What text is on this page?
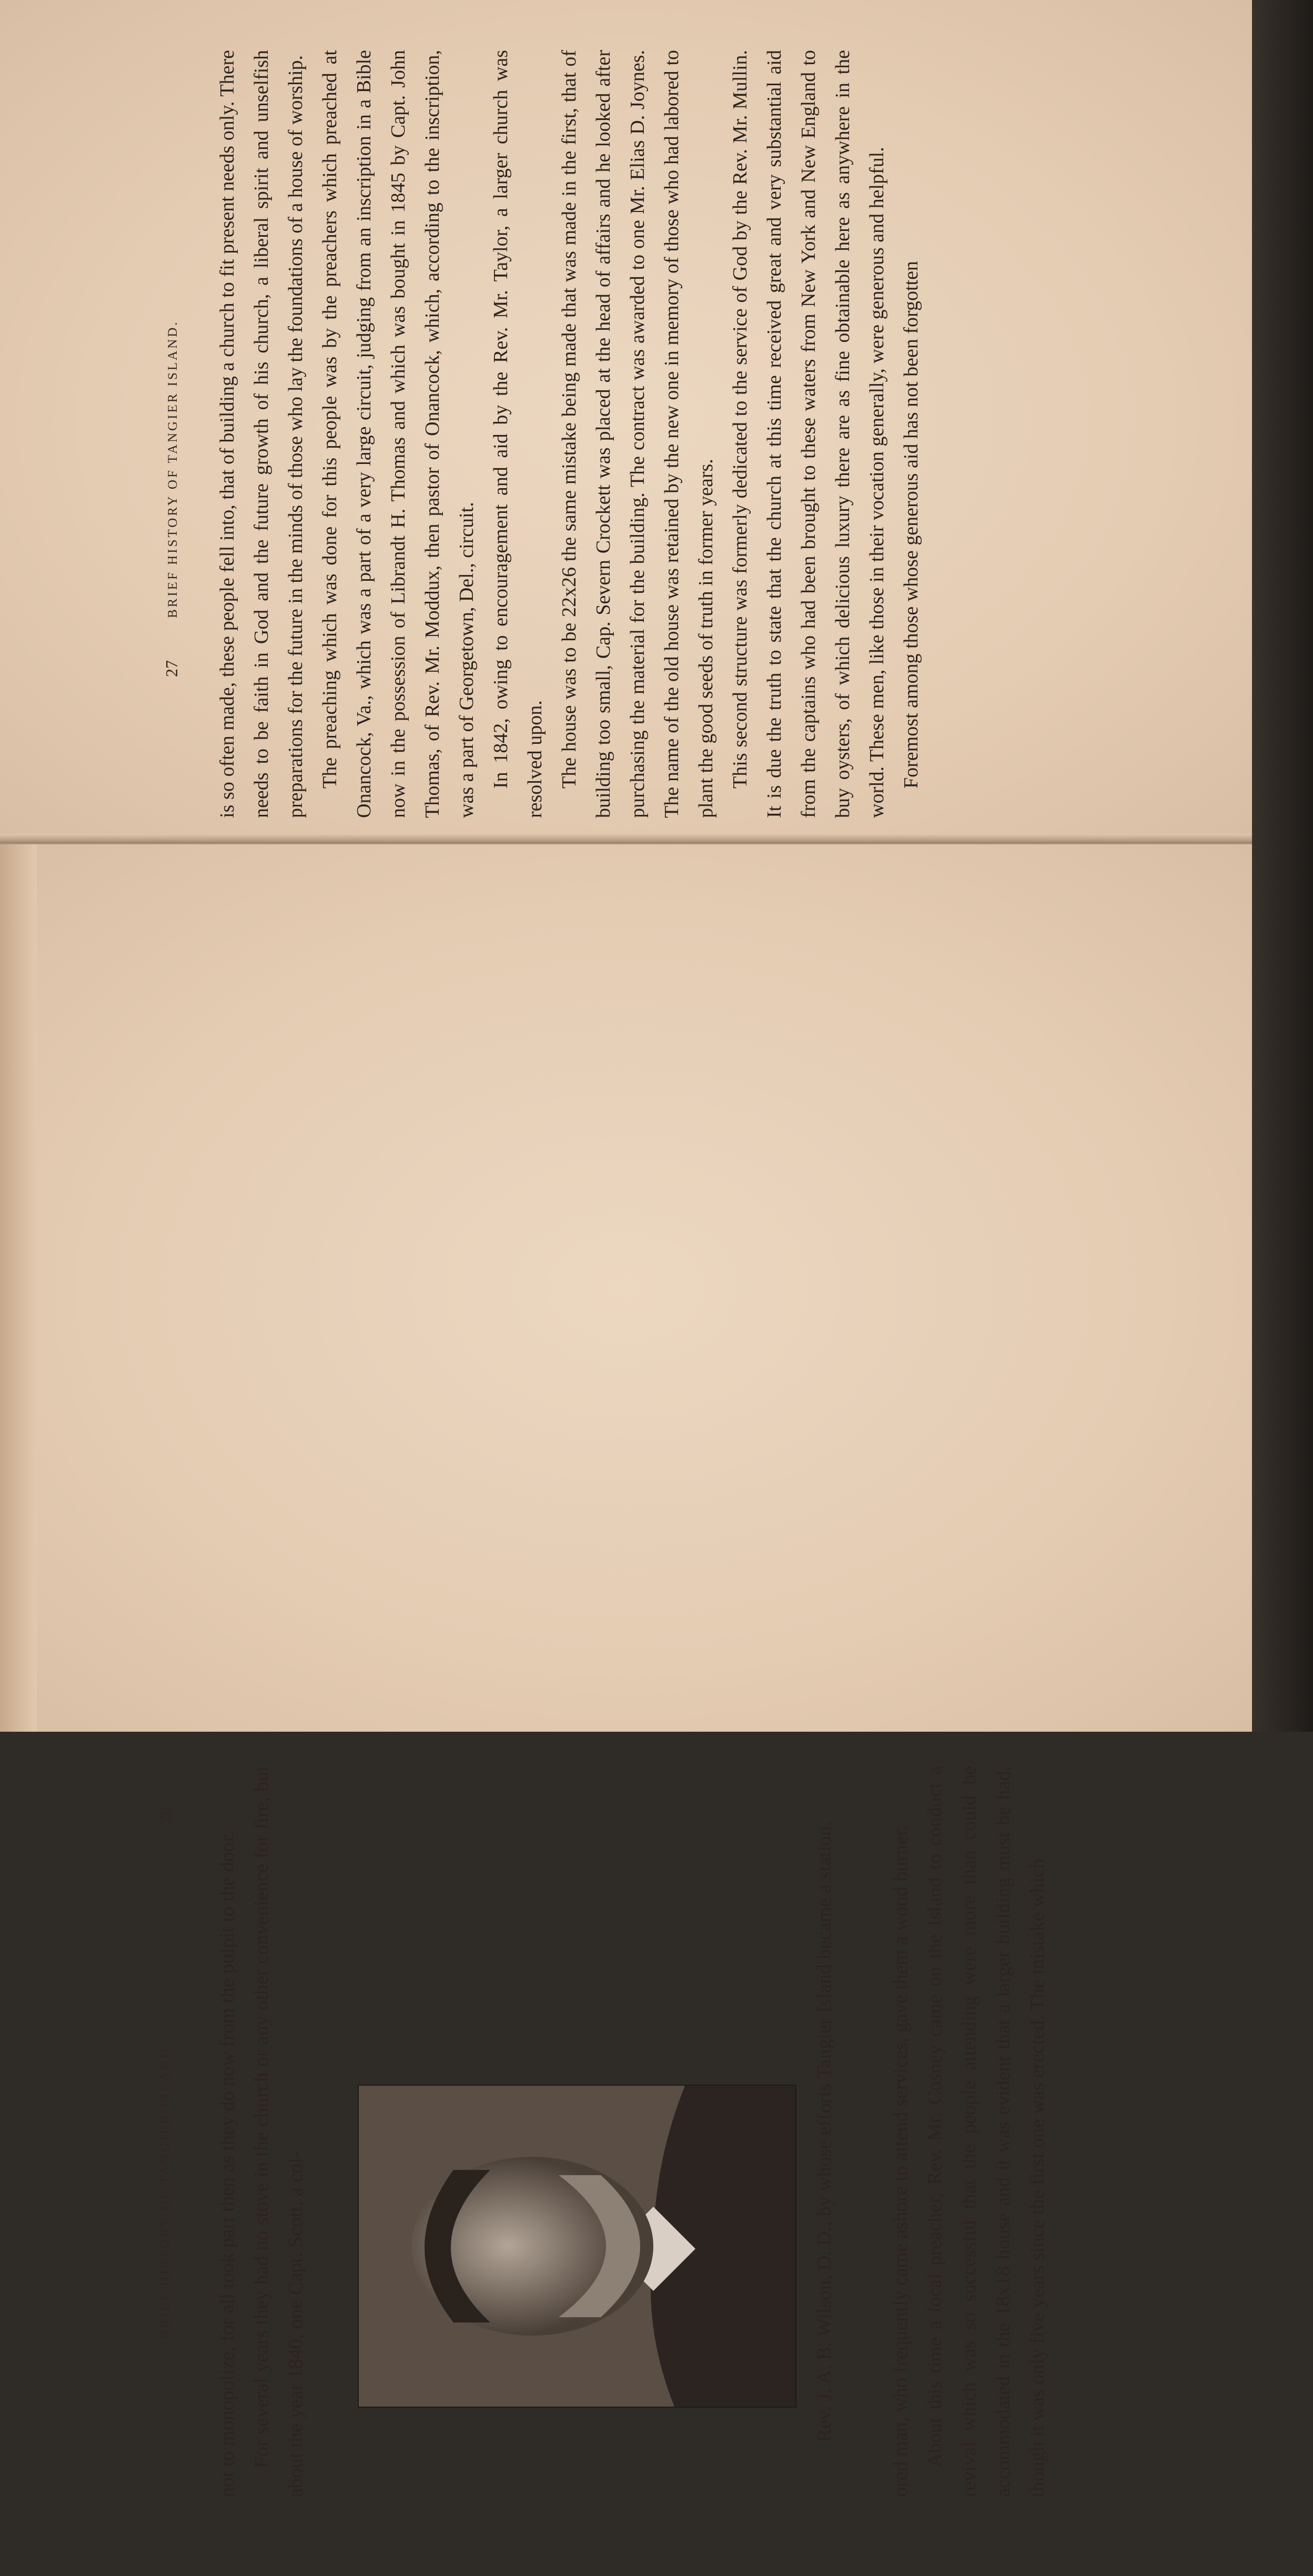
27
BRIEF HISTORY OF TANGIER ISLAND. is so often made, these people fell into, that of building a church to fit present needs only. There needs to be faith in God and the future growth of his church, a liberal spirit and unselfish preparations for the future in the minds of those who lay the foundations of a house of worship. The preaching which was done for this people was by the preachers which preached at Onancock, Va., which was a part of a very large circuit, judging from an inscription in a Bible now in the possession of Librandt H. Thomas and which was bought in 1845 by Capt. John Thomas, of Rev. Mr. Moddux, then pastor of Onancock, which, according to the inscription, was a part of Georgetown, Del., circuit. In 1842, owing to encouragement and aid by the Rev. Mr. Taylor, a larger church was resolved upon. The house was to be 22x26 the same mistake being made that was made in the first, that of building too small, Cap. Severn Crockett was placed at the head of affairs and he looked after purchasing the material for the building. The contract was awarded to one Mr. Elias D. Joynes. The name of the old house was retained by the new one in memory of those who had labored to plant the good seeds of truth in former years. This second structure was formerly dedicated to the service of God by the Rev. Mr. Mullin. It is due the truth to state that the church at this time received great and very substantial aid from the captains who had been brought to these waters from New York and New England to buy oysters, of which delicious luxury there are as fine obtainable here as anywhere in the world. These men, like those in their vocation generally, were generous and helpful. Foremost among those whose generous aid has not been forgotten

BRIEF HISTORY OF TANGIER ISLAND.
26

not to monopolize, for all took part then as they do now from the pulpit to the door. For several years they had no stove in the church or any other convenience for fire, but about the year 1840, one Capt. Scott, a col-	Rev. J. A. B. Wilson, D. D., by whose efforts Tangier Island became a station.	ored man, who frequently came ashore to attend services, gave them a wood burner. About this time a local preacher, Rev. Mr. Cosney came on the Island to conduct a revival which was so successful that the people attending were more than could be accommodated in the 18x18 house and it was evident that a larger building must be had, though it was only five years since the first one was erected. The mistake which
